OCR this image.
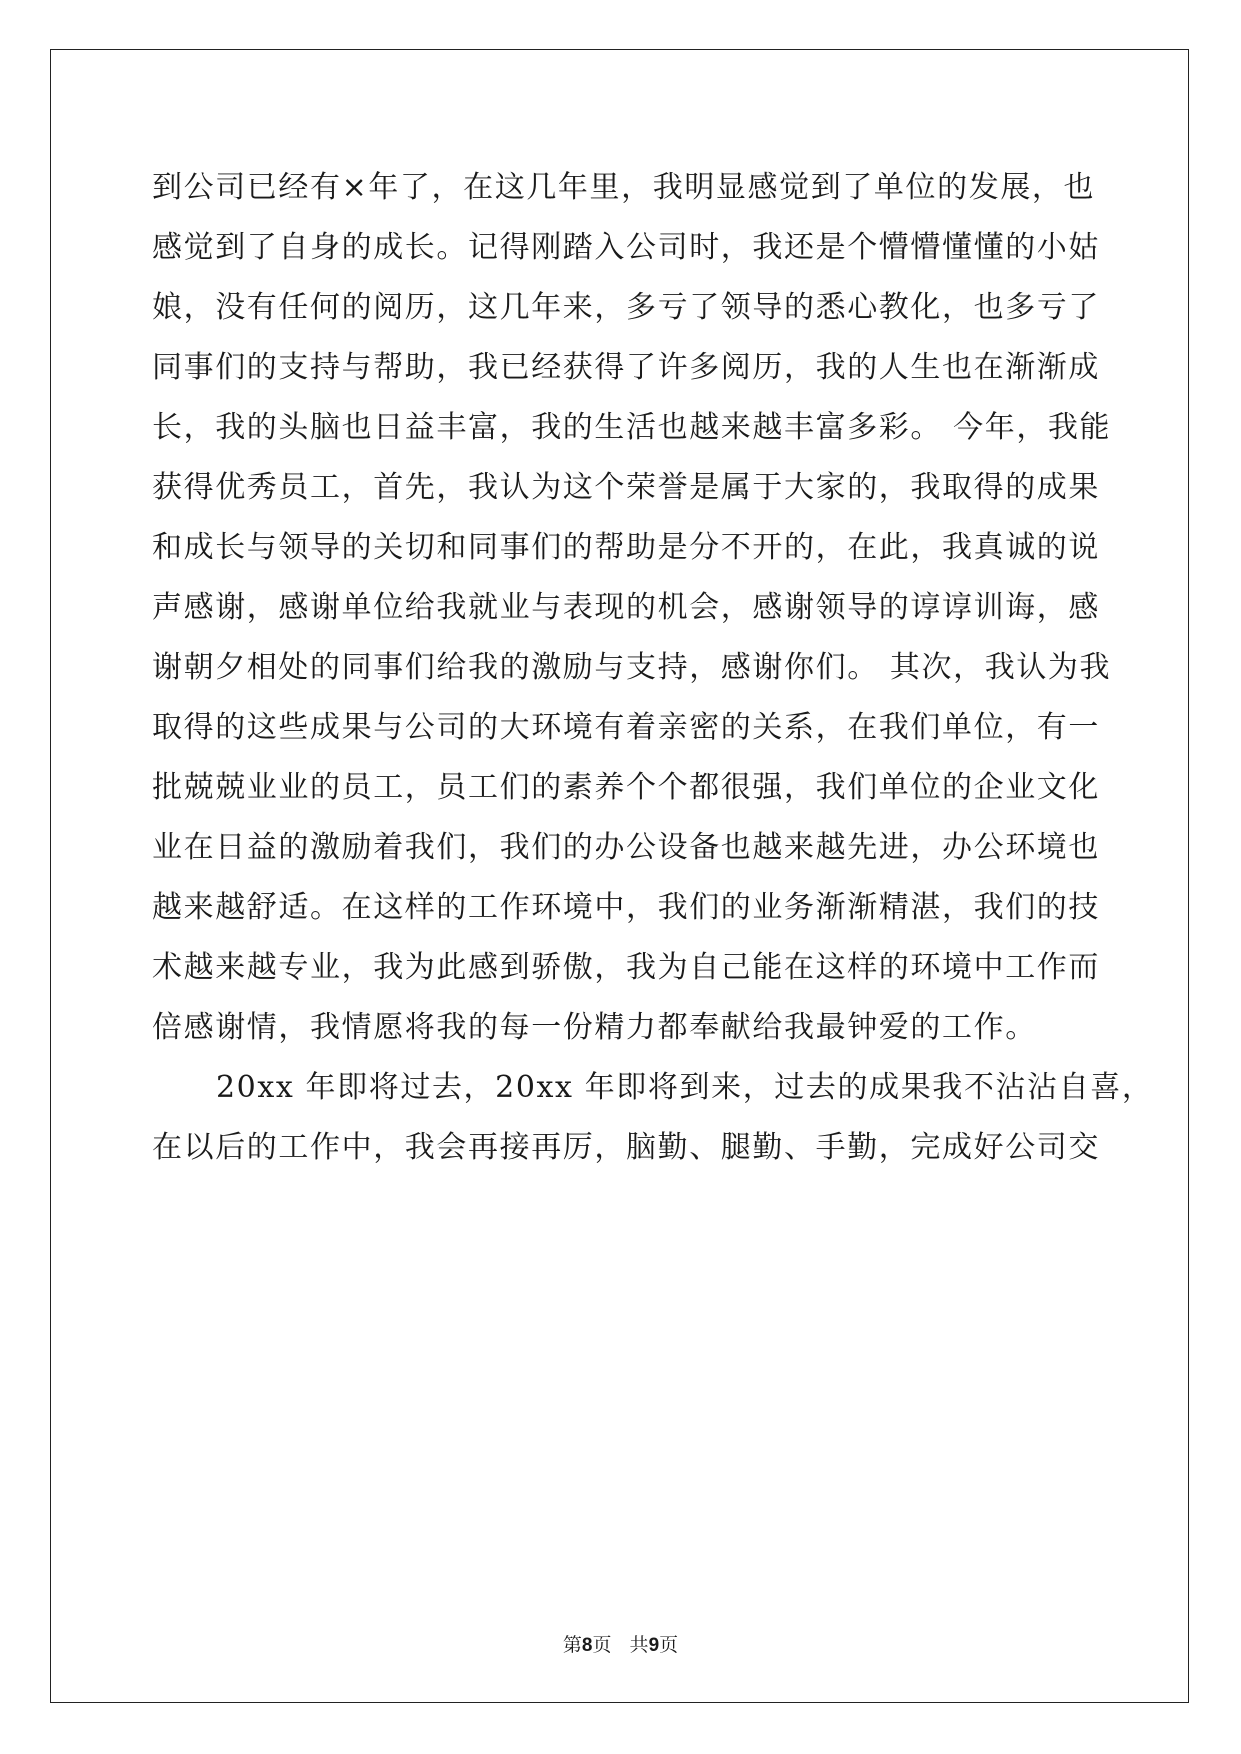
到公司已经有×年了，在这几年里，我明显感觉到了单位的发展，也
感觉到了自身的成长。记得刚踏入公司时，我还是个懵懵懂懂的小姑
娘，没有任何的阅历，这几年来，多亏了领导的悉心教化，也多亏了
同事们的支持与帮助，我已经获得了许多阅历，我的人生也在渐渐成
长，我的头脑也日益丰富，我的生活也越来越丰富多彩。 今年，我能
获得优秀员工，首先，我认为这个荣誉是属于大家的，我取得的成果
和成长与领导的关切和同事们的帮助是分不开的，在此，我真诚的说
声感谢，感谢单位给我就业与表现的机会，感谢领导的谆谆训诲，感
谢朝夕相处的同事们给我的激励与支持，感谢你们。 其次，我认为我
取得的这些成果与公司的大环境有着亲密的关系，在我们单位，有一
批兢兢业业的员工，员工们的素养个个都很强，我们单位的企业文化
业在日益的激励着我们，我们的办公设备也越来越先进，办公环境也
越来越舒适。在这样的工作环境中，我们的业务渐渐精湛，我们的技
术越来越专业，我为此感到骄傲，我为自己能在这样的环境中工作而
倍感谢情，我情愿将我的每一份精力都奉献给我最钟爱的工作。
20xx 年即将过去，20xx 年即将到来，过去的成果我不沾沾自喜，
在以后的工作中，我会再接再厉，脑勤、腿勤、手勤，完成好公司交
第8页   共9页
